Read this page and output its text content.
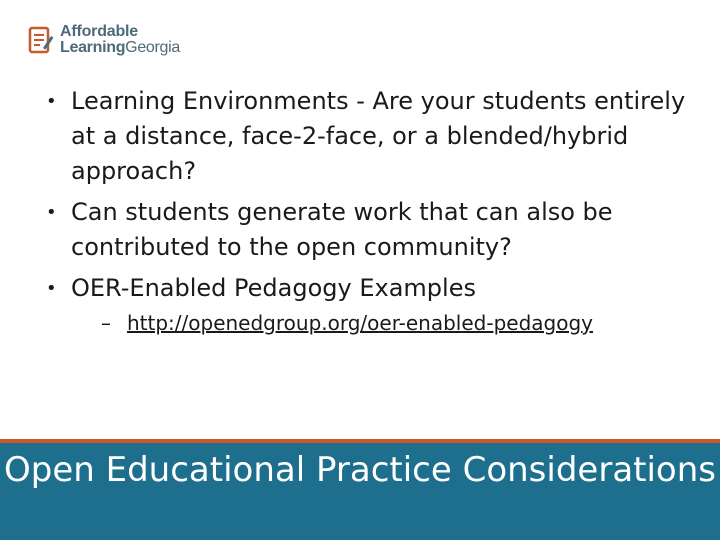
Affordable
LearningGeorgia
• Learning Environments - Are your students entirely at a distance, face-2-face, or a blended/hybrid approach?
• Can students generate work that can also be contributed to the open community?
• OER-Enabled Pedagogy Examples
– http://openedgroup.org/oer-enabled-pedagogy
Open Educational Practice Considerations
